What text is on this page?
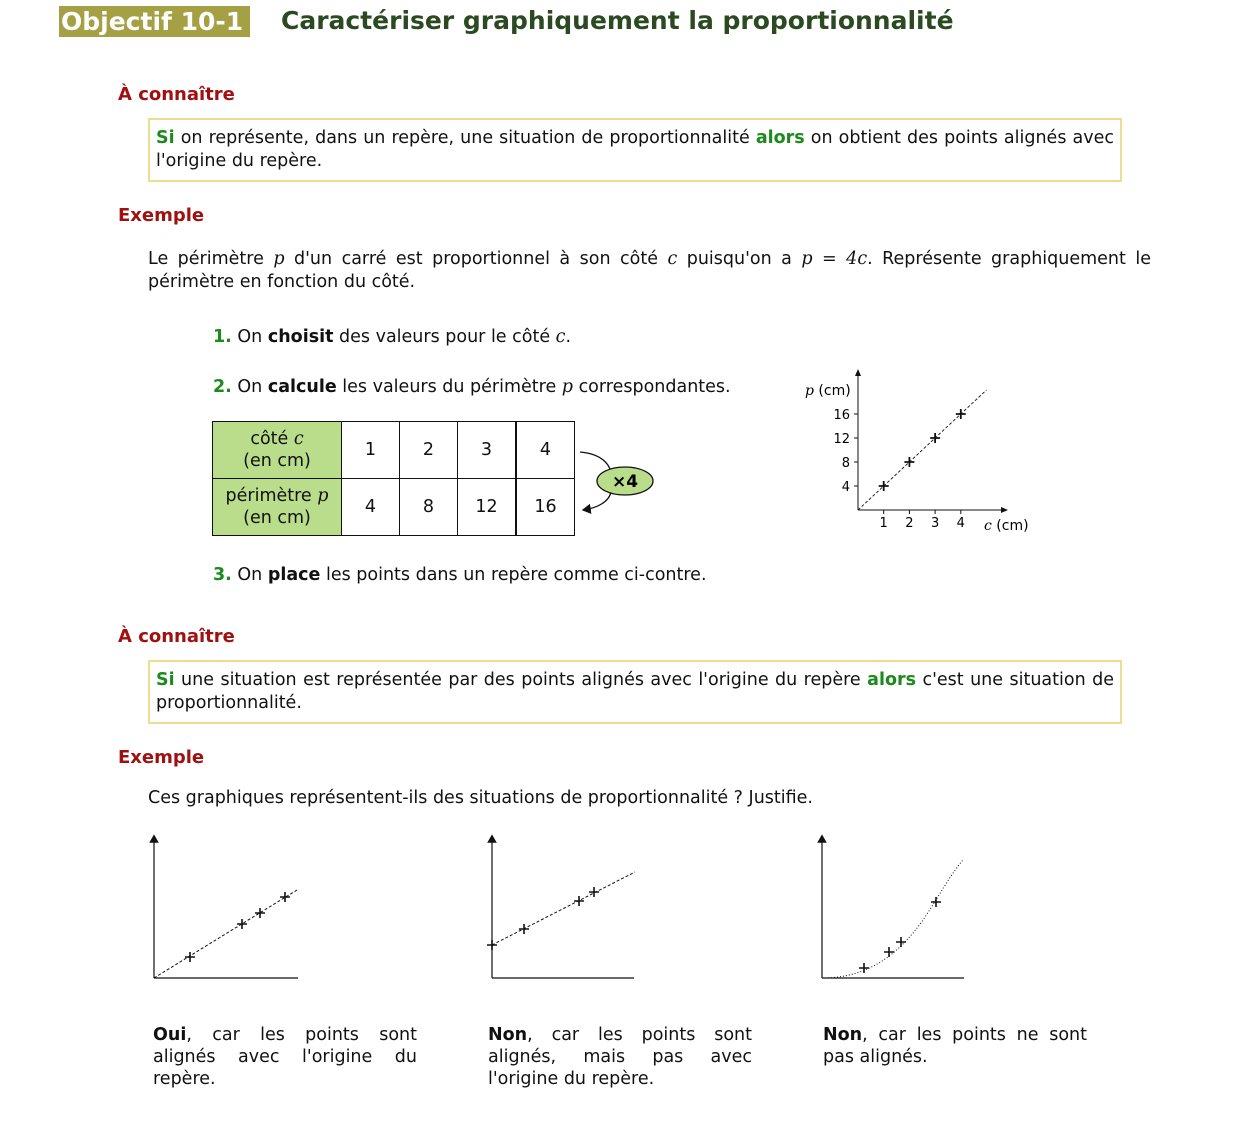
Objectif 10-1 Caractériser graphiquement la proportionnalité
À connaître
Si on représente, dans un repère, une situation de proportionnalité alors on obtient des points alignés avec l'origine du repère.
Exemple
Le périmètre p d'un carré est proportionnel à son côté c puisqu'on a p = 4c. Représente graphiquement le périmètre en fonction du côté.
1. On choisit des valeurs pour le côté c.
2. On calcule les valeurs du périmètre p correspondantes.
côté c
(en cm)	1	2	3	4
périmètre p
(en cm)	4	8	12	16
×4
p (cm)
c (cm)
1 2 3 4
4
8
12
16
3. On place les points dans un repère comme ci-contre.
À connaître
Si une situation est représentée par des points alignés avec l'origine du repère alors c'est une situation de proportionnalité.
Exemple
Ces graphiques représentent-ils des situations de proportionnalité ? Justifie.
Oui, car les points sont alignés avec l'origine du repère.
Non, car les points sont alignés, mais pas avec l'origine du repère.
Non, car les points ne sont pas alignés.
